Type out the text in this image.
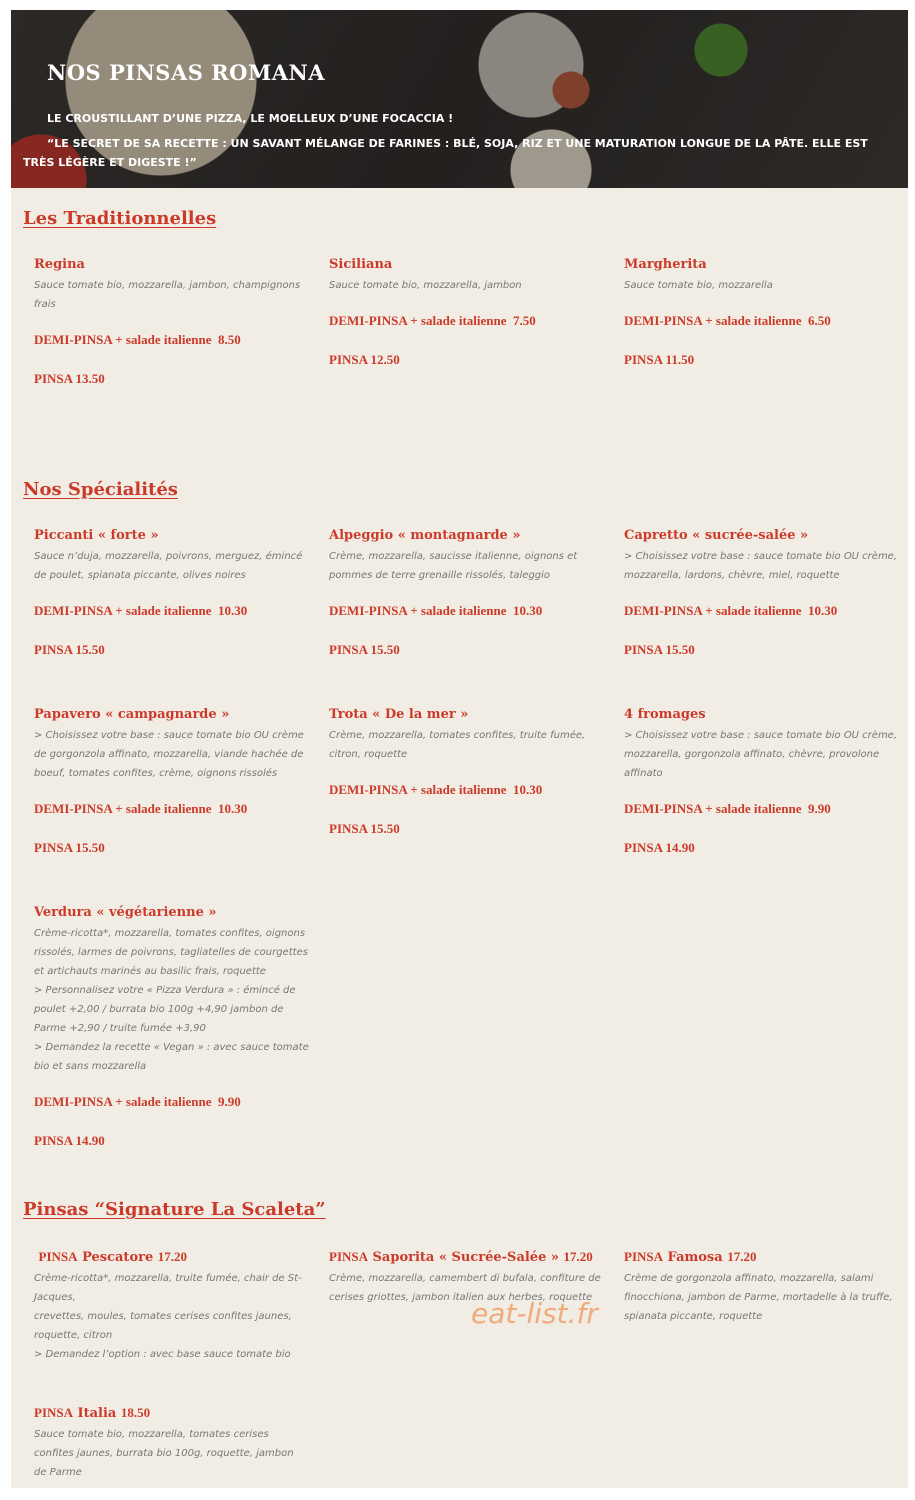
NOS PINSAS ROMANA
LE CROUSTILLANT D’UNE PIZZA, LE MOELLEUX D’UNE FOCACCIA !

“LE SECRET DE SA RECETTE : UN SAVANT MÉLANGE DE FARINES : BLÉ, SOJA, RIZ ET UNE MATURATION LONGUE DE LA PÂTE. ELLE EST TRÈS LÉGÈRE ET DIGESTE !”

Les Traditionnelles

Regina

Sauce tomate bio, mozzarella, jambon, champignons frais

DEMI-PINSA + salade italienne 8.50

PINSA 13.50

Siciliana

Sauce tomate bio, mozzarella, jambon

DEMI-PINSA + salade italienne 7.50

PINSA 12.50

Margherita

Sauce tomate bio, mozzarella

DEMI-PINSA + salade italienne 6.50

PINSA 11.50

Nos Spécialités

Piccanti « forte »

Sauce n’duja, mozzarella, poivrons, merguez, émincé de poulet, spianata piccante, olives noires

DEMI-PINSA + salade italienne 10.30

PINSA 15.50

Alpeggio « montagnarde »

Crème, mozzarella, saucisse italienne, oignons et pommes de terre grenaille rissolés, taleggio

DEMI-PINSA + salade italienne 10.30

PINSA 15.50

Capretto « sucrée-salée »

> Choisissez votre base : sauce tomate bio OU crème, mozzarella, lardons, chèvre, miel, roquette

DEMI-PINSA + salade italienne 10.30

PINSA 15.50

Papavero « campagnarde »

> Choisissez votre base : sauce tomate bio OU crème de gorgonzola affinato, mozzarella, viande hachée de boeuf, tomates confites, crème, oignons rissolés

DEMI-PINSA + salade italienne 10.30

PINSA 15.50

Trota « De la mer »

Crème, mozzarella, tomates confites, truite fumée, citron, roquette

DEMI-PINSA + salade italienne 10.30

PINSA 15.50

4 fromages

> Choisissez votre base : sauce tomate bio OU crème, mozzarella, gorgonzola affinato, chèvre, provolone affinato

DEMI-PINSA + salade italienne 9.90

PINSA 14.90

Verdura « végétarienne »

Crème-ricotta*, mozzarella, tomates confites, oignons rissolés, larmes de poivrons, tagliatelles de courgettes et artichauts marinés au basilic frais, roquette

> Personnalisez votre « Pizza Verdura » : émincé de poulet +2,00 / burrata bio 100g +4,90 jambon de Parme +2,90 / truite fumée +3,90

> Demandez la recette « Vegan » : avec sauce tomate bio et sans mozzarella

DEMI-PINSA + salade italienne 9.90

PINSA 14.90

Pinsas “Signature La Scaleta”

PINSA Pescatore 17.20

Crème-ricotta*, mozzarella, truite fumée, chair de St-Jacques,

crevettes, moules, tomates cerises confites jaunes, roquette, citron

> Demandez l’option : avec base sauce tomate bio

PINSA Saporita « Sucrée-Salée » 17.20

Crème, mozzarella, camembert di bufala, confiture de cerises griottes, jambon italien aux herbes, roquette

PINSA Famosa 17.20

Crème de gorgonzola affinato, mozzarella, salami finocchiona, jambon de Parme, mortadelle à la truffe, spianata piccante, roquette

PINSA Italia 18.50

Sauce tomate bio, mozzarella, tomates cerises confites jaunes, burrata bio 100g, roquette, jambon de Parme

eat-list.fr
